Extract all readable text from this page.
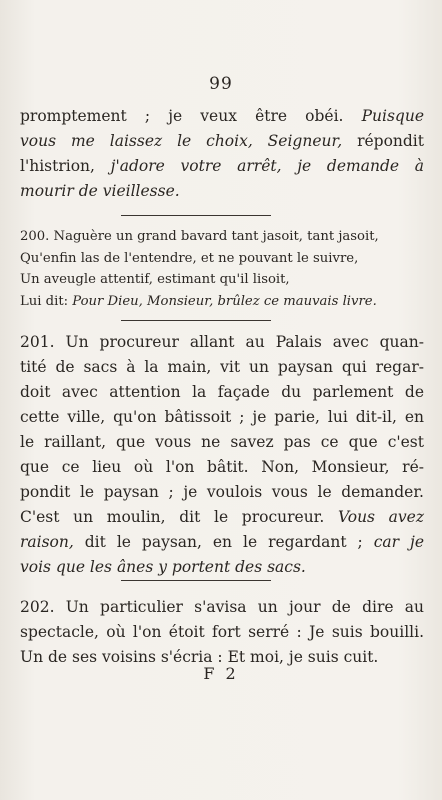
99
promptement ; je veux être obéi. Puisque
vous me laissez le choix, Seigneur, répondit
l'histrion, j'adore votre arrêt, je demande à
mourir de vieillesse.
200. Naguère un grand bavard tant jasoit, tant jasoit,
Qu'enfin las de l'entendre, et ne pouvant le suivre,
Un aveugle attentif, estimant qu'il lisoit,
Lui dit: Pour Dieu, Monsieur, brûlez ce mauvais livre.
201. Un procureur allant au Palais avec quan-
tité de sacs à la main, vit un paysan qui regar-
doit avec attention la façade du parlement de
cette ville, qu'on bâtissoit ; je parie, lui dit-il, en
le raillant, que vous ne savez pas ce que c'est
que ce lieu où l'on bâtit. Non, Monsieur, ré-
pondit le paysan ; je voulois vous le demander.
C'est un moulin, dit le procureur. Vous avez
raison, dit le paysan, en le regardant ; car je
vois que les ânes y portent des sacs.
202. Un particulier s'avisa un jour de dire au
spectacle, où l'on étoit fort serré : Je suis bouilli.
Un de ses voisins s'écria : Et moi, je suis cuit.
F 2
